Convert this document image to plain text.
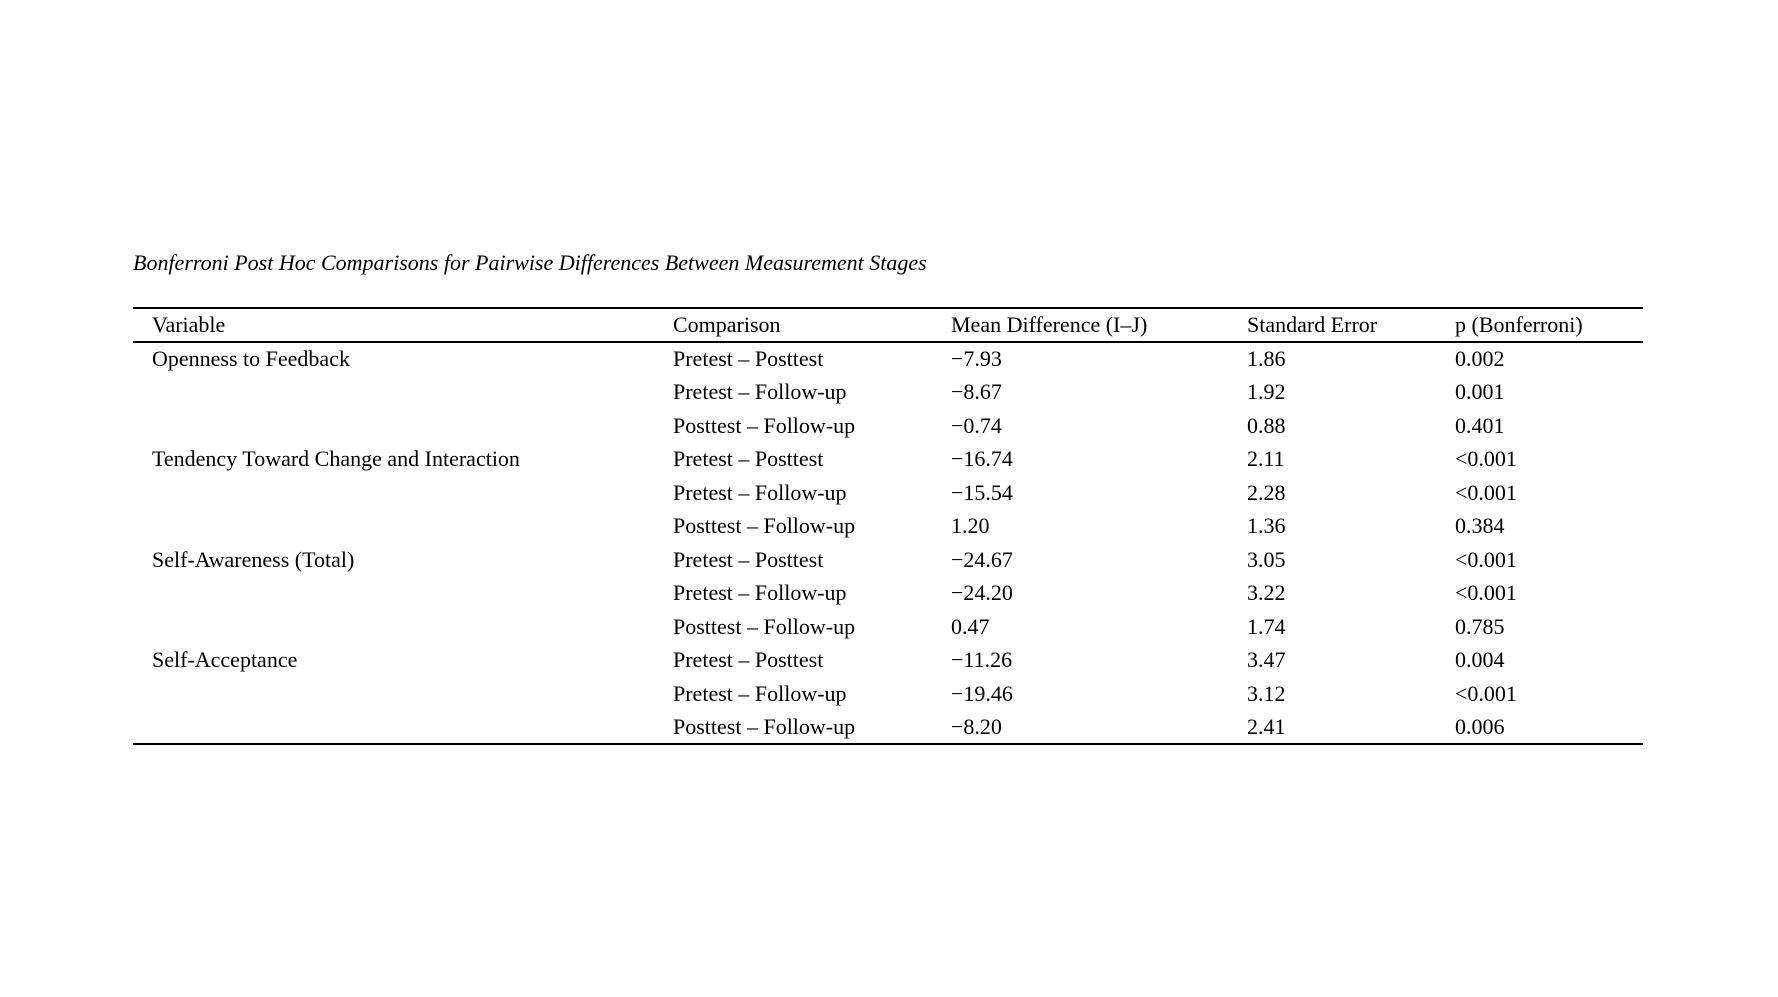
Bonferroni Post Hoc Comparisons for Pairwise Differences Between Measurement Stages
Variable	Comparison	Mean Difference (I–J)	Standard Error	p (Bonferroni)
Openness to Feedback	Pretest – Posttest	−7.93	1.86	0.002
	Pretest – Follow-up	−8.67	1.92	0.001
	Posttest – Follow-up	−0.74	0.88	0.401
Tendency Toward Change and Interaction	Pretest – Posttest	−16.74	2.11	<0.001
	Pretest – Follow-up	−15.54	2.28	<0.001
	Posttest – Follow-up	1.20	1.36	0.384
Self-Awareness (Total)	Pretest – Posttest	−24.67	3.05	<0.001
	Pretest – Follow-up	−24.20	3.22	<0.001
	Posttest – Follow-up	0.47	1.74	0.785
Self-Acceptance	Pretest – Posttest	−11.26	3.47	0.004
	Pretest – Follow-up	−19.46	3.12	<0.001
	Posttest – Follow-up	−8.20	2.41	0.006
